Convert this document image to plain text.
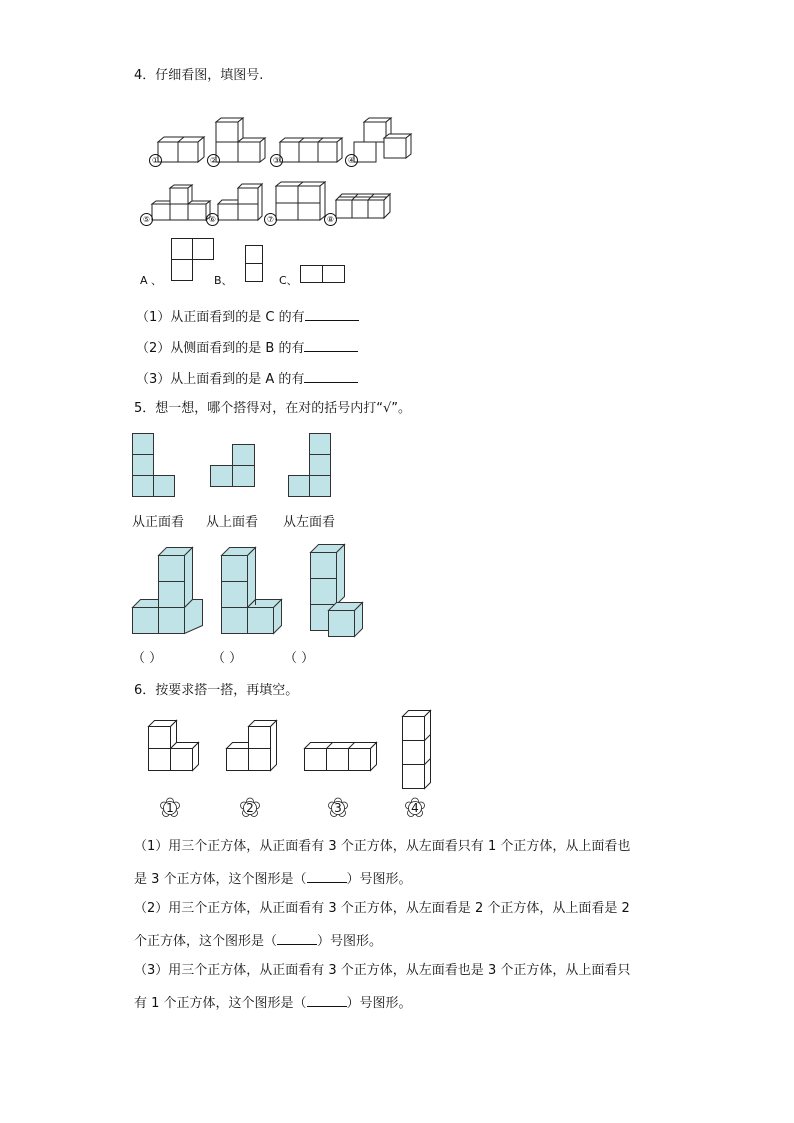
4．仔细看图，填图号.
①	②	③	④
⑤	⑥	⑦	⑧
A 、	B、	C、
（1）从正面看到的是 C 的有
（2）从侧面看到的是 B 的有
（3）从上面看到的是 A 的有
5．想一想，哪个搭得对，在对的括号内打“√”。
从正面看 从上面看 从左面看
（ ）	（ ）	（ ）
6．按要求搭一搭，再填空。
1	2	3	4
（1）用三个正方体，从正面看有 3 个正方体，从左面看只有 1 个正方体，从上面看也
是 3 个正方体，这个图形是（	）号图形。
（2）用三个正方体，从正面看有 3 个正方体，从左面看是 2 个正方体，从上面看是 2
个正方体，这个图形是（	）号图形。
（3）用三个正方体，从正面看有 3 个正方体，从左面看也是 3 个正方体，从上面看只
有 1 个正方体，这个图形是（	）号图形。
